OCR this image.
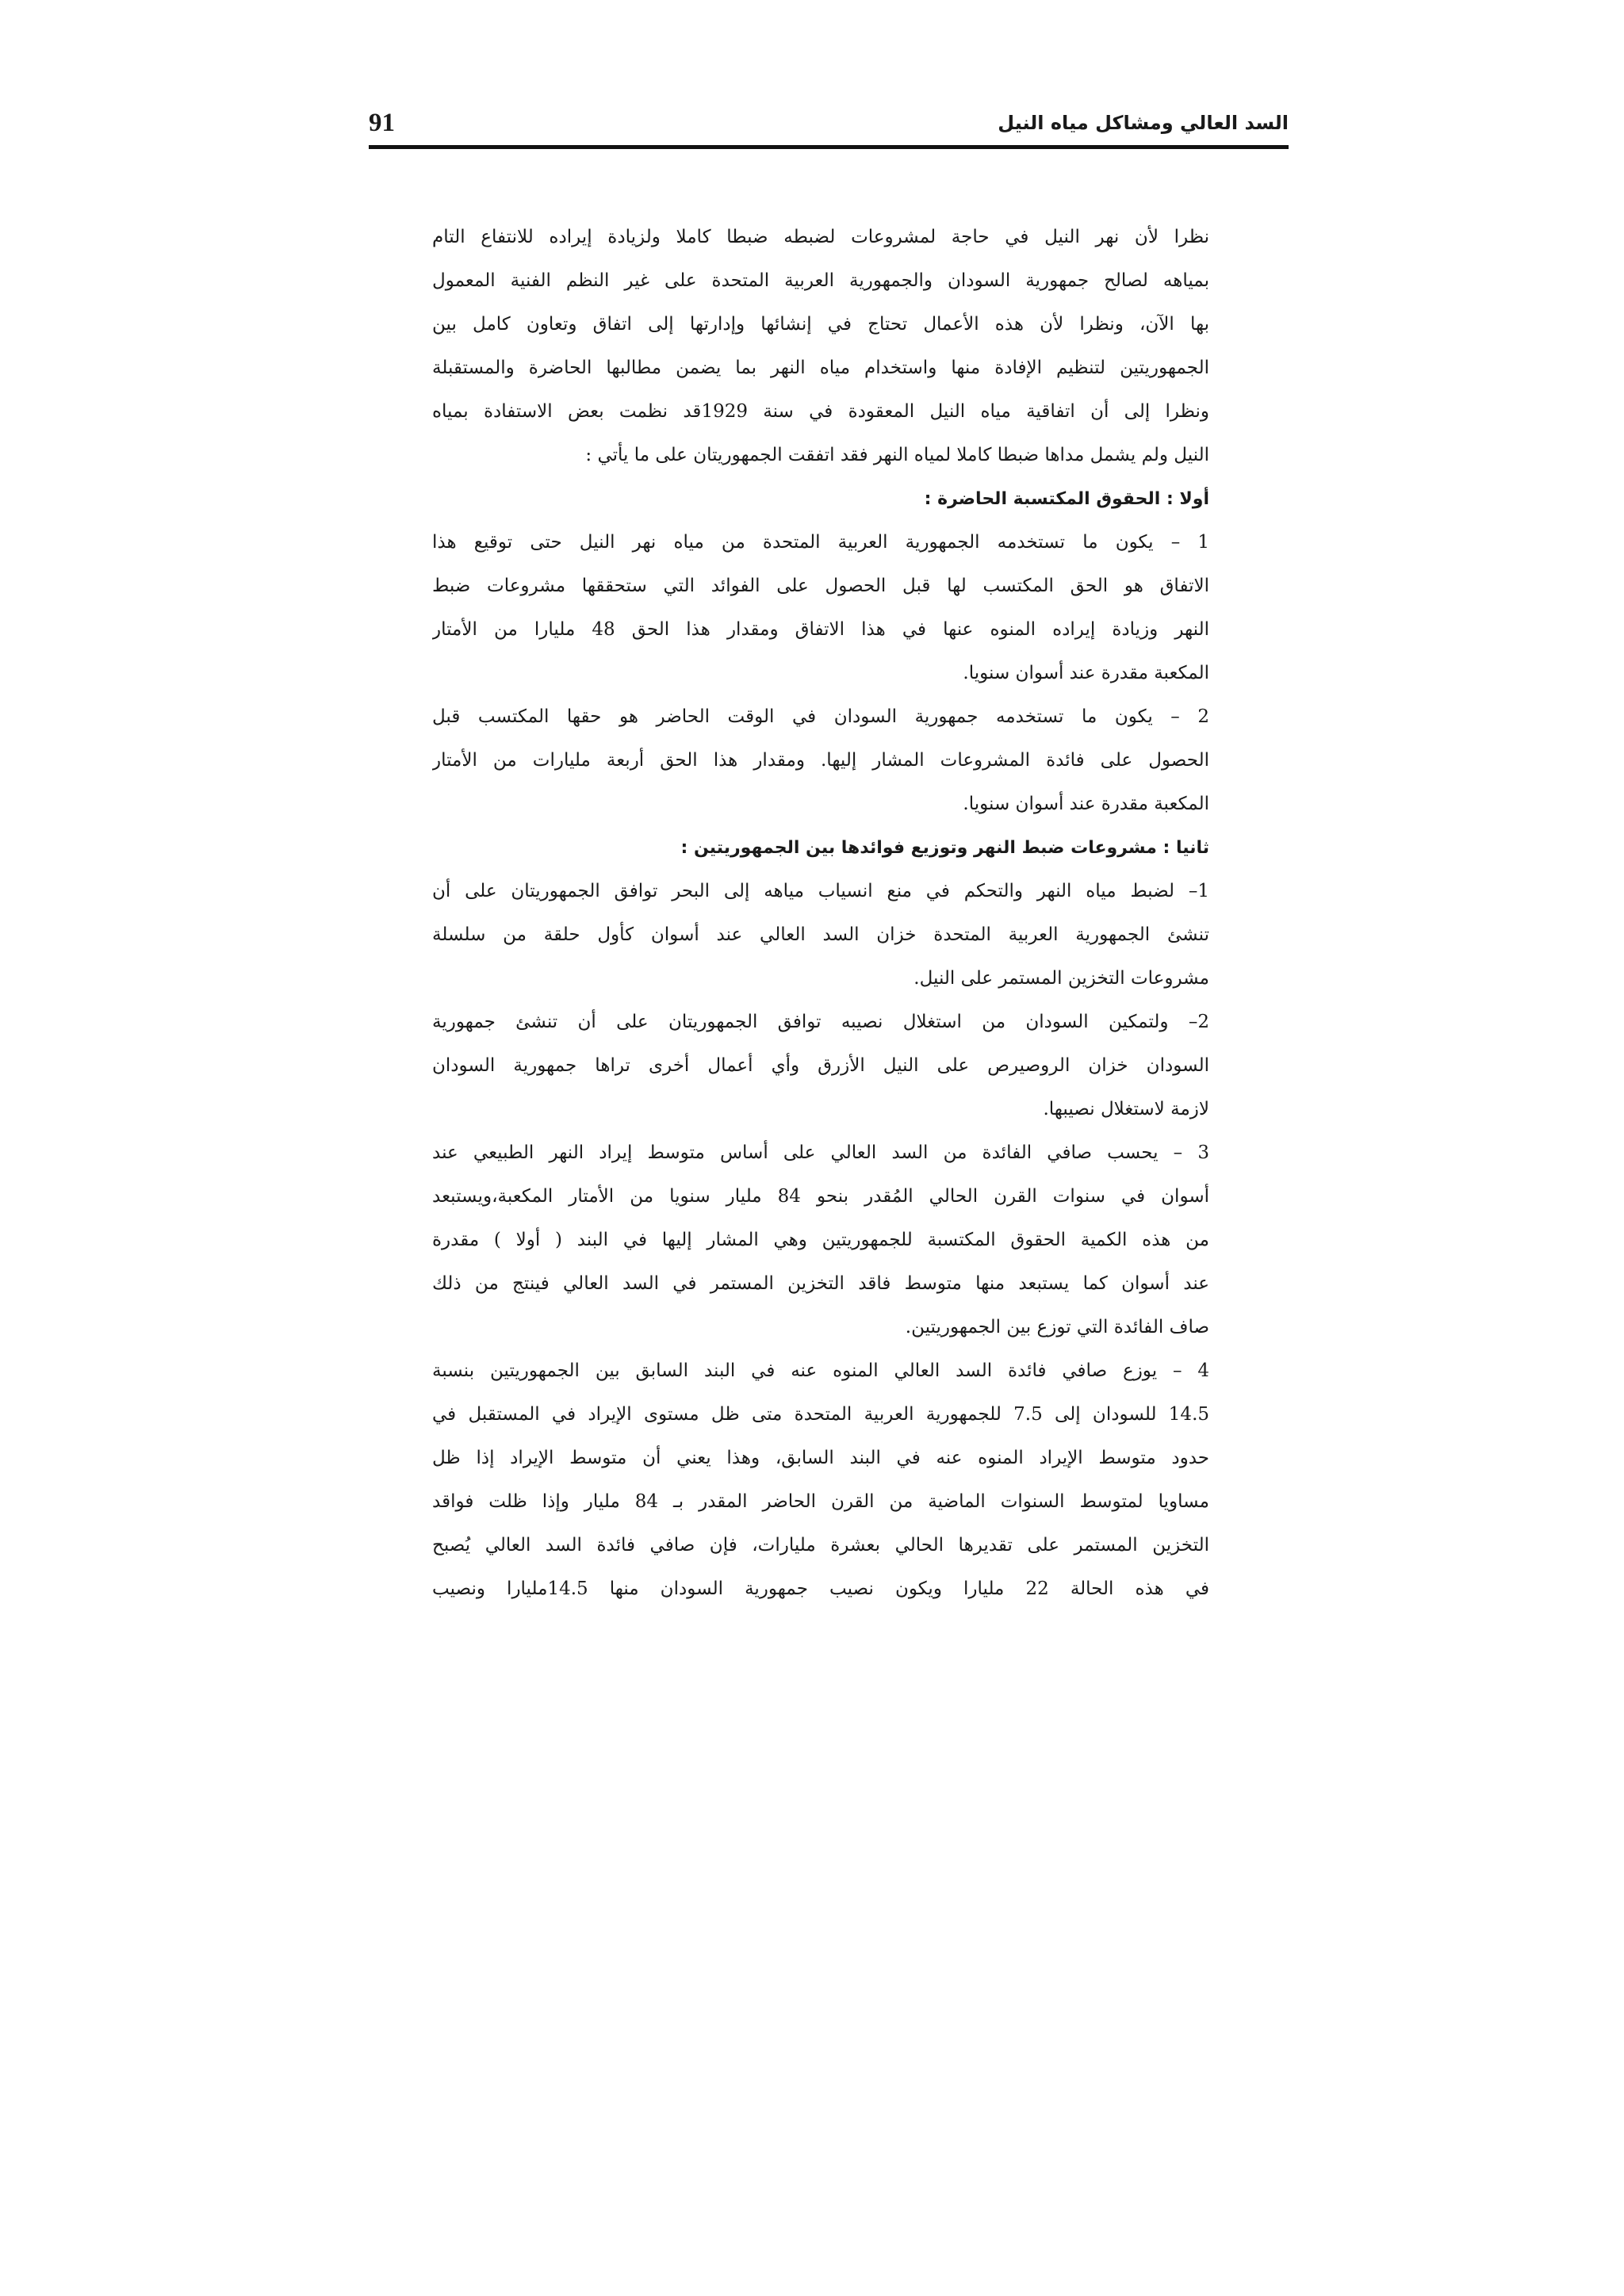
91	السد العالي ومشاكل مياه النيل
نظرا لأن نهر النيل في حاجة لمشروعات لضبطه ضبطا كاملا ولزيادة إيراده للانتفاع التام
بمياهه لصالح جمهورية السودان والجمهورية العربية المتحدة على غير النظم الفنية المعمول
بها الآن، ونظرا لأن هذه الأعمال تحتاج في إنشائها وإدارتها إلى اتفاق وتعاون كامل بين
الجمهوريتين لتنظيم الإفادة منها واستخدام مياه النهر بما يضمن مطالبها الحاضرة والمستقبلة
ونظرا إلى أن اتفاقية مياه النيل المعقودة في سنة 1929قد نظمت بعض الاستفادة بمياه
النيل ولم يشمل مداها ضبطا كاملا لمياه النهر فقد اتفقت الجمهوريتان على ما يأتي :
أولا : الحقوق المكتسبة الحاضرة :
1 – يكون ما تستخدمه الجمهورية العربية المتحدة من مياه نهر النيل حتى توقيع هذا
الاتفاق هو الحق المكتسب لها قبل الحصول على الفوائد التي ستحققها مشروعات ضبط
النهر وزيادة إيراده المنوه عنها في هذا الاتفاق ومقدار هذا الحق 48 مليارا من الأمتار
المكعبة مقدرة عند أسوان سنويا.
2 – يكون ما تستخدمه جمهورية السودان في الوقت الحاضر هو حقها المكتسب قبل
الحصول على فائدة المشروعات المشار إليها. ومقدار هذا الحق أربعة مليارات من الأمتار
المكعبة مقدرة عند أسوان سنويا.
ثانيا : مشروعات ضبط النهر وتوزيع فوائدها بين الجمهوريتين :
1– لضبط مياه النهر والتحكم في منع انسياب مياهه إلى البحر توافق الجمهوريتان على أن
تنشئ الجمهورية العربية المتحدة خزان السد العالي عند أسوان كأول حلقة من سلسلة
مشروعات التخزين المستمر على النيل.
2– ولتمكين السودان من استغلال نصيبه توافق الجمهوريتان على أن تنشئ جمهورية
السودان خزان الروصيرص على النيل الأزرق وأي أعمال أخرى تراها جمهورية السودان
لازمة لاستغلال نصيبها.
3 – يحسب صافي الفائدة من السد العالي على أساس متوسط إيراد النهر الطبيعي عند
أسوان في سنوات القرن الحالي المُقدر بنحو 84 مليار سنويا من الأمتار المكعبة،ويستبعد
من هذه الكمية الحقوق المكتسبة للجمهوريتين وهي المشار إليها في البند ( أولا ) مقدرة
عند أسوان كما يستبعد منها متوسط فاقد التخزين المستمر في السد العالي فينتج من ذلك
صاف الفائدة التي توزع بين الجمهوريتين.
4 – يوزع صافي فائدة السد العالي المنوه عنه في البند السابق بين الجمهوريتين بنسبة
14.5 للسودان إلى 7.5 للجمهورية العربية المتحدة متى ظل مستوى الإيراد في المستقبل في
حدود متوسط الإيراد المنوه عنه في البند السابق، وهذا يعني أن متوسط الإيراد إذا ظل
مساويا لمتوسط السنوات الماضية من القرن الحاضر المقدر بـ 84 مليار وإذا ظلت فواقد
التخزين المستمر على تقديرها الحالي بعشرة مليارات، فإن صافي فائدة السد العالي يُصبح
في هذه الحالة 22 مليارا ويكون نصيب جمهورية السودان منها 14.5مليارا ونصيب
